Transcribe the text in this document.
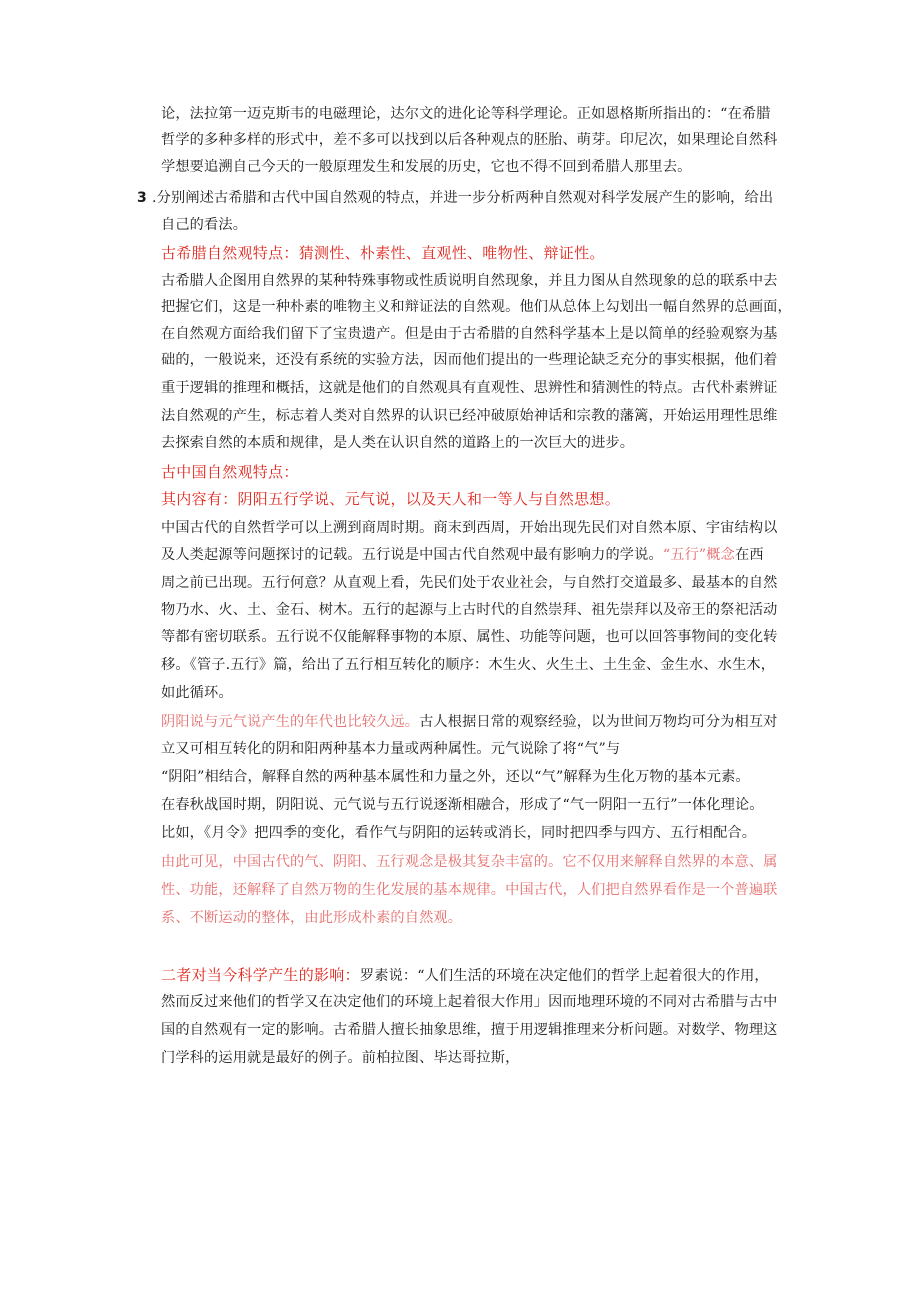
论，法拉第一迈克斯韦的电磁理论，达尔文的进化论等科学理论。正如恩格斯所指出的：“在希腊
哲学的多种多样的形式中，差不多可以找到以后各种观点的胚胎、萌芽。印尼次，如果理论自然科
学想要追溯自己今天的一般原理发生和发展的历史，它也不得不回到希腊人那里去。
3 .分别阐述古希腊和古代中国自然观的特点，并进一步分析两种自然观对科学发展产生的影响，给出
自己的看法。
古希腊自然观特点：猜测性、朴素性、直观性、唯物性、辩证性。
古希腊人企图用自然界的某种特殊事物或性质说明自然现象，并且力图从自然现象的总的联系中去
把握它们，这是一种朴素的唯物主义和辩证法的自然观。他们从总体上勾划出一幅自然界的总画面，
在自然观方面给我们留下了宝贵遗产。但是由于古希腊的自然科学基本上是以简单的经验观察为基
础的，一般说来，还没有系统的实验方法，因而他们提出的一些理论缺乏充分的事实根据，他们着
重于逻辑的推理和概括，这就是他们的自然观具有直观性、思辨性和猜测性的特点。古代朴素辨证
法自然观的产生，标志着人类对自然界的认识已经冲破原始神话和宗教的藩篱，开始运用理性思维
去探索自然的本质和规律，是人类在认识自然的道路上的一次巨大的进步。
古中国自然观特点：
其内容有：阴阳五行学说、元气说，以及天人和一等人与自然思想。
中国古代的自然哲学可以上溯到商周时期。商末到西周，开始出现先民们对自然本原、宇宙结构以
及人类起源等问题探讨的记载。五行说是中国古代自然观中最有影响力的学说。“五行”概念在西
周之前已出现。五行何意？从直观上看，先民们处于农业社会，与自然打交道最多、最基本的自然
物乃水、火、土、金石、树木。五行的起源与上古时代的自然崇拜、祖先崇拜以及帝王的祭祀活动
等都有密切联系。五行说不仅能解释事物的本原、属性、功能等问题，也可以回答事物间的变化转
移。《管子.五行》篇，给出了五行相互转化的顺序：木生火、火生土、土生金、金生水、水生木，
如此循环。
阴阳说与元气说产生的年代也比较久远。古人根据日常的观察经验，以为世间万物均可分为相互对
立又可相互转化的阴和阳两种基本力量或两种属性。元气说除了将“气”与
“阴阳”相结合，解释自然的两种基本属性和力量之外，还以“气”解释为生化万物的基本元素。
在春秋战国时期，阴阳说、元气说与五行说逐渐相融合，形成了“气一阴阳一五行”一体化理论。
比如，《月令》把四季的变化，看作气与阴阳的运转或消长，同时把四季与四方、五行相配合。
由此可见，中国古代的气、阴阳、五行观念是极其复杂丰富的。它不仅用来解释自然界的本意、属
性、功能，还解释了自然万物的生化发展的基本规律。中国古代，人们把自然界看作是一个普遍联
系、不断运动的整体，由此形成朴素的自然观。
二者对当今科学产生的影响：罗素说：“人们生活的环境在决定他们的哲学上起着很大的作用，
然而反过来他们的哲学又在决定他们的环境上起着很大作用」因而地理环境的不同对古希腊与古中
国的自然观有一定的影响。古希腊人擅长抽象思维，擅于用逻辑推理来分析问题。对数学、物理这
门学科的运用就是最好的例子。前柏拉图、毕达哥拉斯，
